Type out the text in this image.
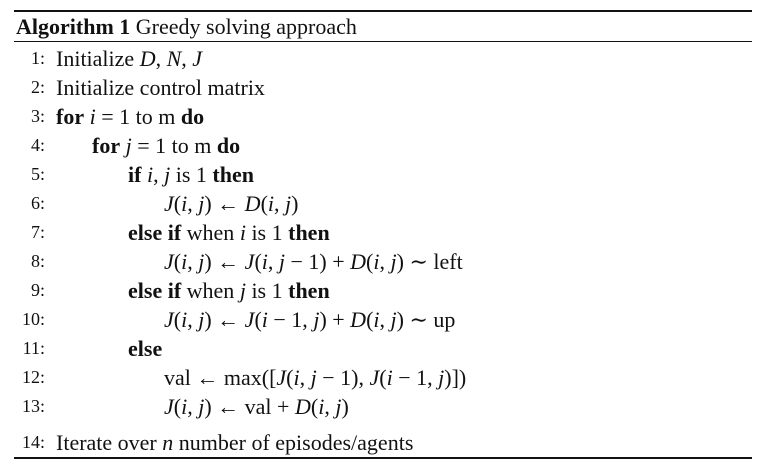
Algorithm 1 Greedy solving approach
1: Initialize D, N, J
2: Initialize control matrix
3: for i = 1 to m do
4: for j = 1 to m do
5:	if i, j is 1 then
6:	J(i, j) ← D(i, j)
7:	else if when i is 1 then
8:	J(i, j) ← J(i, j − 1) + D(i, j) ∼ left
9:	else if when j is 1 then
10:	J(i, j) ← J(i − 1, j) + D(i, j) ∼ up
11:	else
12:	val ← max([J(i, j − 1), J(i − 1, j)])
13:	J(i, j) ← val + D(i, j)
14: Iterate over n number of episodes/agents
